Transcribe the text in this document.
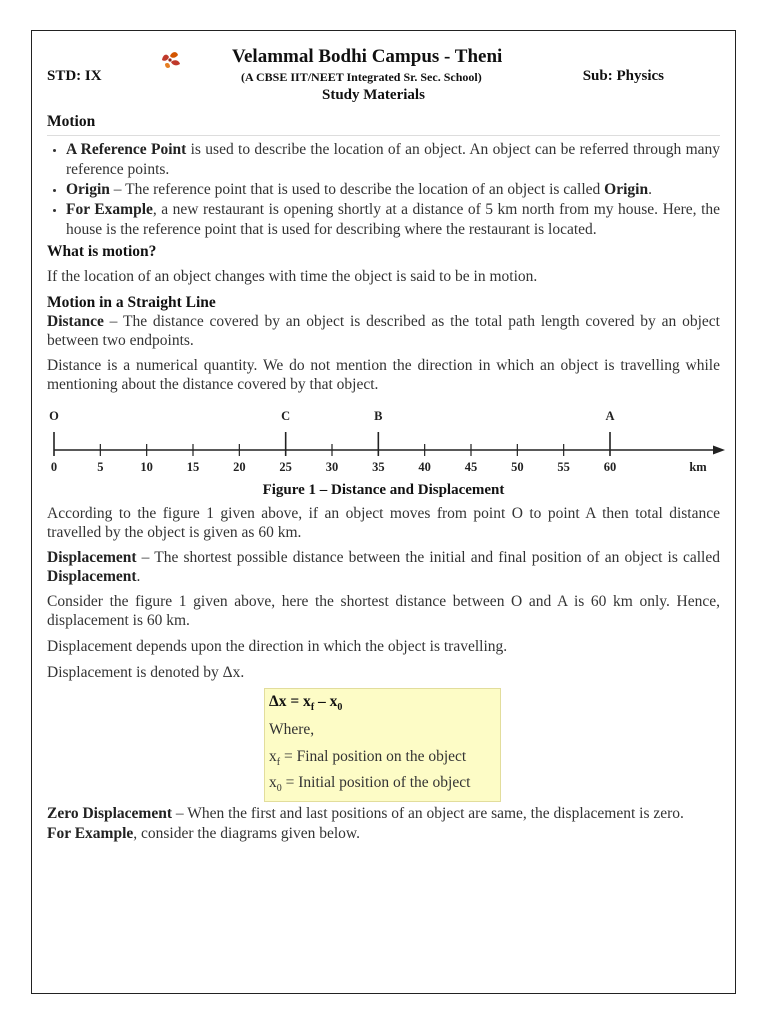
STD: IX
Velammal Bodhi Campus - Theni
(A CBSE IIT/NEET Integrated Sr. Sec. School)	Sub: Physics
Study Materials
Motion
• A Reference Point is used to describe the location of an object. An object can be referred through many reference points.
• Origin – The reference point that is used to describe the location of an object is called Origin.
• For Example, a new restaurant is opening shortly at a distance of 5 km north from my house. Here, the house is the reference point that is used for describing where the restaurant is located.
What is motion?

If the location of an object changes with time the object is said to be in motion.

Motion in a Straight Line

Distance – The distance covered by an object is described as the total path length covered by an object between two endpoints.

Distance is a numerical quantity. We do not mention the direction in which an object is travelling while mentioning about the distance covered by that object.

0	5	10	15	20	25	30	35	40	45	50	55	60
O	C	B	A
km
Figure 1 – Distance and Displacement

According to the figure 1 given above, if an object moves from point O to point A then total distance travelled by the object is given as 60 km.

Displacement – The shortest possible distance between the initial and final position of an object is called Displacement.

Consider the figure 1 given above, here the shortest distance between O and A is 60 km only. Hence, displacement is 60 km.

Displacement depends upon the direction in which the object is travelling.

Displacement is denoted by Δx.

$\Delta x = x_f - x_0$
Where,
$x_f$ = Final position on the object
$x_0$ = Initial position of the object

Zero Displacement – When the first and last positions of an object are same, the displacement is zero.

For Example, consider the diagrams given below.
